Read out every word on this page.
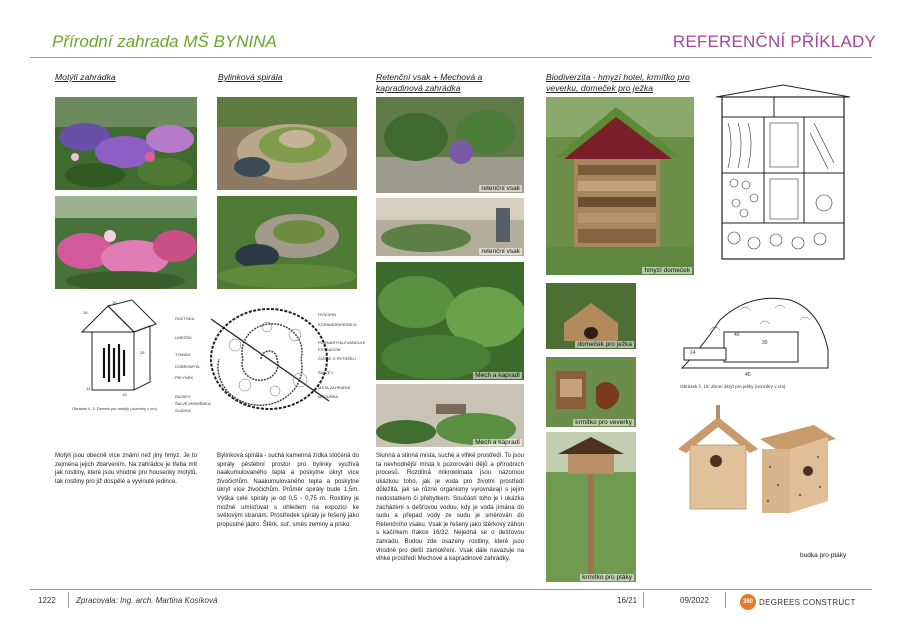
Přírodní zahrada MŠ BYNINA	REFERENČNÍ PŘÍKLADY
Motýlí zahrádka	Bylinková spirála	Retenční vsak + Mechová a kapradinová zahrádka
Biodiverzita - hmyzí hotel, krmítko pro veverku, domeček pro ježka
retenční vsak
retenční vsak
Mech a kapradí
Mech a kapradí
hmyzí domeček
domeček pro ježka
krmítko pro veverky
krmítko pro ptáky
15
18
25
14
13
Obrázek č. 1: Domek pro motýly (rozměry v cm)
ROZTOKA
LIBEČEK
TYMIÁN
DOBROMYSL
PELYNĚK
RAJSKY
ŠALVĚJ/KRMĚNKA
SLADKA
HYSOPIN
KORIANDR/KERBLÍK
ROZMARÝN/LEVANDULE
ESTRAGON
ČIŽMIČ S PETRŽELI
ŠALVĚJ
MÁTA ZAHRADNÍ
MEDUŇKA
40
30
14
40
Obrázek č. 15: Zimní úkryt pro ježky (rozměry v cm)
budka pro ptáky
Motýli jsou obecně více známí než jiný hmyz. Je to zejména jejich zbarvením. Na zahrádce je třeba mít jak rostliny, které jsou vhodné pro housenky motýlů, tak rostliny pro již dospělé a vyvinuté jedince.
Bylinková spirála - suchá kamenná zídka stočená do spirály pěstební prostor pro bylinky využívá naakumulovaného tepla a poskytne úkryt více živočichům. Naakumulovaného tepla a poskytne úkryt více živočichům. Průměr spirály bude 1,5m. Výška celé spirály je od 0,5 - 0,75 m. Rostliny je možné umísťovat s ohledem na expozici ke světovým stranám. Prostředek spirály je řešený jako propustné jádro. Štěrk, suť, směs zeminy a písku.
Slunná a stinná místa, suché a vlhké prostředí. To jsou ta nevhodnější místa k pozorování dějů a přírodních procesů. Rozdílná mikroklimata jsou názornou ukázkou toho, jak je voda pro životní prostředí důležitá, jak se různé organismy vyrovnávají s jejím nedostatkem či přebytkem. Součástí toho je i ukázka zacházení s dešťovou vodou, kdy je voda jímána do sudu a přepad vody ze sudu je směrován do Retenčního vsaku. Vsak je řešený jako štěrkový záhon s kačírkem frakce 16/32. Nejedná se o dešťovou zahradu. Budou zde osazeny rostliny, které jsou vhodné pro delší zamokření. Vsak dále navazuje na vlhké prostředí Mechové a kapradinové zahrádky.
1222	Zpracovala: Ing. arch. Martina Kosíková	16/21	09/2022	360 DEGREES CONSTRUCT
